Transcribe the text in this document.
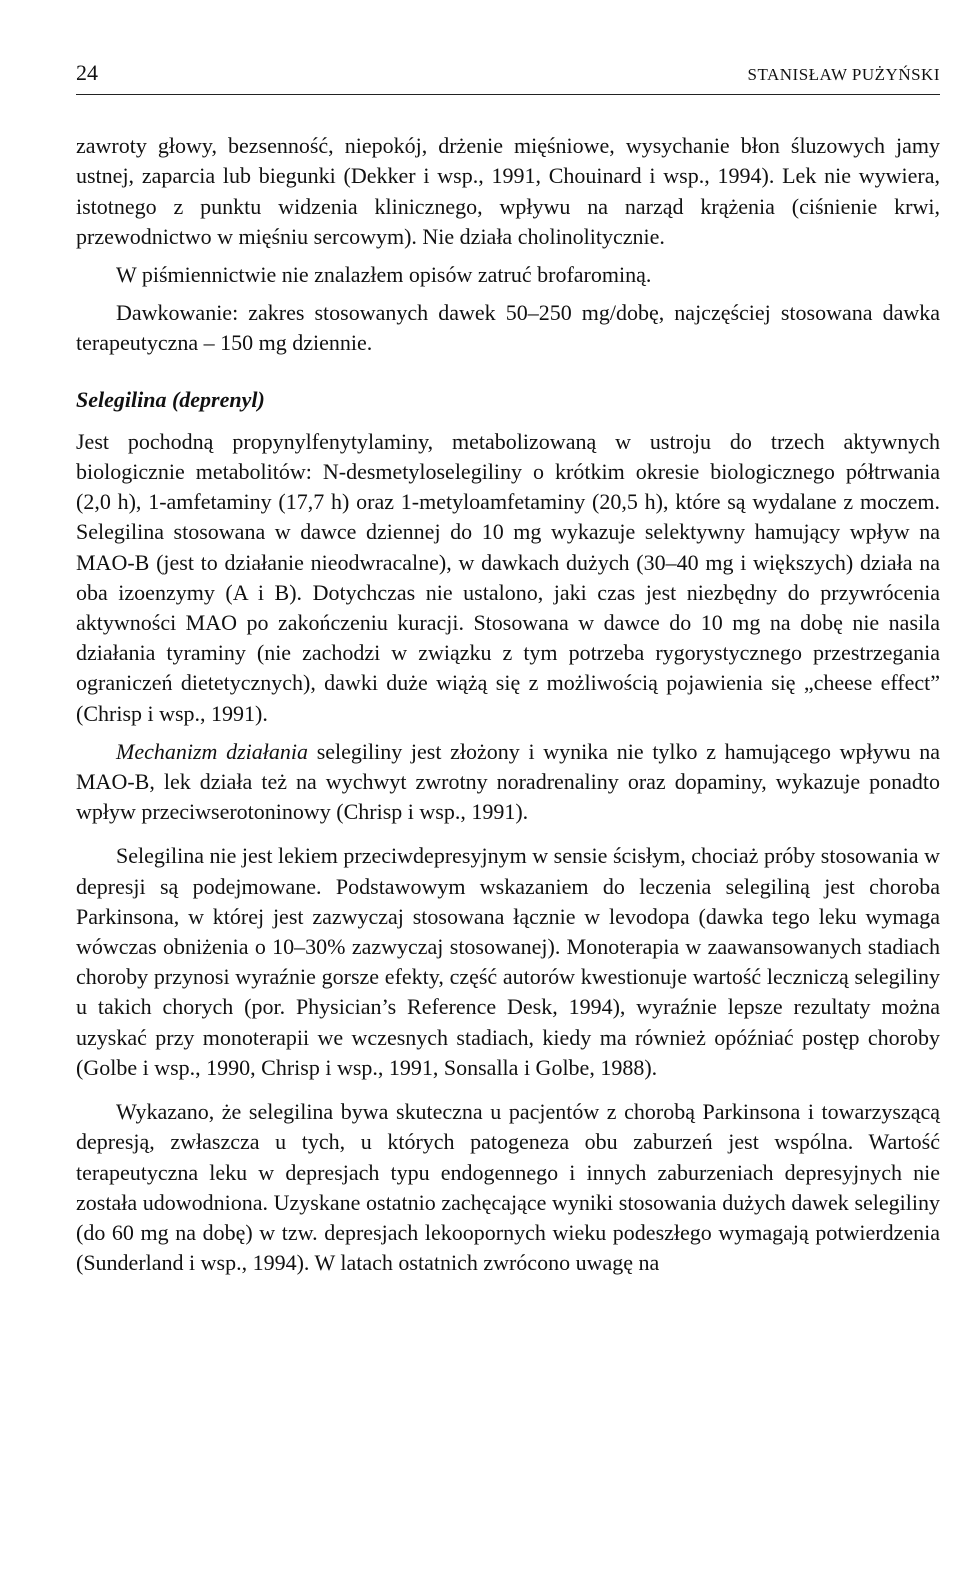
24	STANISŁAW PUŻYŃSKI

zawroty głowy, bezsenność, niepokój, drżenie mięśniowe, wysychanie błon śluzowych jamy ustnej, zaparcia lub biegunki (Dekker i wsp., 1991, Chouinard i wsp., 1994). Lek nie wywiera, istotnego z punktu widzenia klinicznego, wpływu na narząd krążenia (ciśnienie krwi, przewodnictwo w mięśniu sercowym). Nie działa cholinolitycznie.

W piśmiennictwie nie znalazłem opisów zatruć brofarominą.

Dawkowanie: zakres stosowanych dawek 50–250 mg/dobę, najczęściej stosowana dawka terapeutyczna – 150 mg dziennie.

Selegilina (deprenyl)

Jest pochodną propynylfenytylaminy, metabolizowaną w ustroju do trzech aktywnych biologicznie metabolitów: N-desmetyloselegiliny o krótkim okresie biologicznego półtrwania (2,0 h), 1-amfetaminy (17,7 h) oraz 1-metyloamfetaminy (20,5 h), które są wydalane z moczem. Selegilina stosowana w dawce dziennej do 10 mg wykazuje selektywny hamujący wpływ na MAO-B (jest to działanie nieodwracalne), w dawkach dużych (30–40 mg i większych) działa na oba izoenzymy (A i B). Dotychczas nie ustalono, jaki czas jest niezbędny do przywrócenia aktywności MAO po zakończeniu kuracji. Stosowana w dawce do 10 mg na dobę nie nasila działania tyraminy (nie zachodzi w związku z tym potrzeba rygorystycznego przestrzegania ograniczeń dietetycznych), dawki duże wiążą się z możliwością pojawienia się „cheese effect” (Chrisp i wsp., 1991).

Mechanizm działania selegiliny jest złożony i wynika nie tylko z hamującego wpływu na MAO-B, lek działa też na wychwyt zwrotny noradrenaliny oraz dopaminy, wykazuje ponadto wpływ przeciwserotoninowy (Chrisp i wsp., 1991).

Selegilina nie jest lekiem przeciwdepresyjnym w sensie ścisłym, chociaż próby stosowania w depresji są podejmowane. Podstawowym wskazaniem do leczenia selegiliną jest choroba Parkinsona, w której jest zazwyczaj stosowana łącznie w levodopa (dawka tego leku wymaga wówczas obniżenia o 10–30% zazwyczaj stosowanej). Monoterapia w zaawansowanych stadiach choroby przynosi wyraźnie gorsze efekty, część autorów kwestionuje wartość leczniczą selegiliny u takich chorych (por. Physician’s Reference Desk, 1994), wyraźnie lepsze rezultaty można uzyskać przy monoterapii we wczesnych stadiach, kiedy ma również opóźniać postęp choroby (Golbe i wsp., 1990, Chrisp i wsp., 1991, Sonsalla i Golbe, 1988).

Wykazano, że selegilina bywa skuteczna u pacjentów z chorobą Parkinsona i towarzyszącą depresją, zwłaszcza u tych, u których patogeneza obu zaburzeń jest wspólna. Wartość terapeutyczna leku w depresjach typu endogennego i innych zaburzeniach depresyjnych nie została udowodniona. Uzyskane ostatnio zachęcające wyniki stosowania dużych dawek selegiliny (do 60 mg na dobę) w tzw. depresjach lekoopornych wieku podeszłego wymagają potwierdzenia (Sunderland i wsp., 1994). W latach ostatnich zwrócono uwagę na
